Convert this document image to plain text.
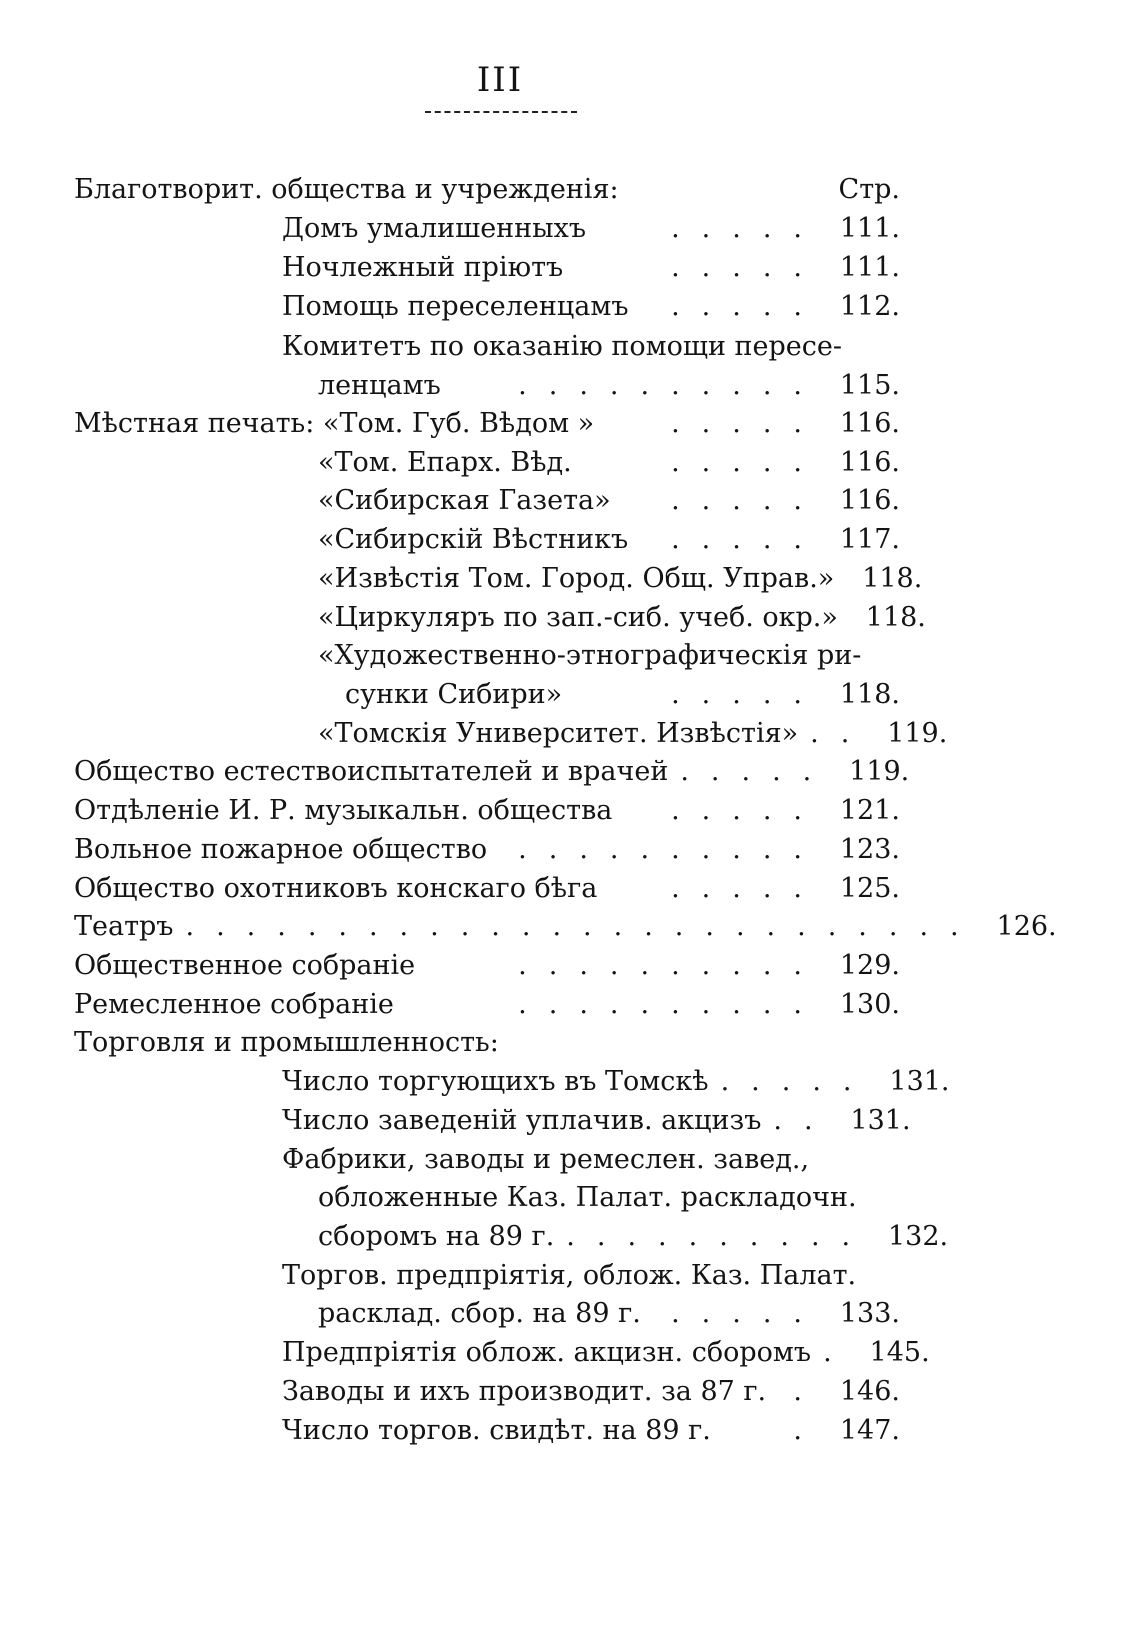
III
Благотворит. общества и учрежденія:	Стр.
Домъ умалишенныхъ	..... 111.
Ночлежный пріютъ	..... 111.
Помощь переселенцамъ	..... 112.
Комитетъ по оказанію помощи пересе-
ленцамъ	.......... 115.
Мѣстная печать: «Том. Губ. Вѣдом »	..... 116.
«Том. Епарх. Вѣд.	..... 116.
«Сибирская Газета»	..... 116.
«Сибирскій Вѣстникъ	..... 117.
«Извѣстія Том. Город. Общ. Управ.»	118.
«Циркуляръ по зап.-сиб. учеб. окр.»	118.
«Художественно-этнографическія ри-
сунки Сибири»	..... 118.
«Томскія Университет. Извѣстія» .. 119.
Общество естествоиспытателей и врачей ..... 119.
Отдѣленіе И. Р. музыкальн. общества	..... 121.
Вольное пожарное общество	.......... 123.
Общество охотниковъ конскаго бѣга	..... 125.
Театръ .......................... 126.
Общественное собраніе	.......... 129.
Ремесленное собраніе	.......... 130.
Торговля и промышленность:
Число торгующихъ въ Томскѣ ..... 131.
Число заведеній уплачив. акцизъ .. 131.
Фабрики, заводы и ремеслен. завед.,
обложенные Каз. Палат. раскладочн.
сборомъ на 89 г. .......... 132.
Торгов. предпріятія, облож. Каз. Палат.
расклад. сбор. на 89 г.	..... 133.
Предпріятія облож. акцизн. сборомъ . 145.
Заводы и ихъ производит. за 87 г.	. 146.
Число торгов. свидѣт. на 89 г.	. 147.
